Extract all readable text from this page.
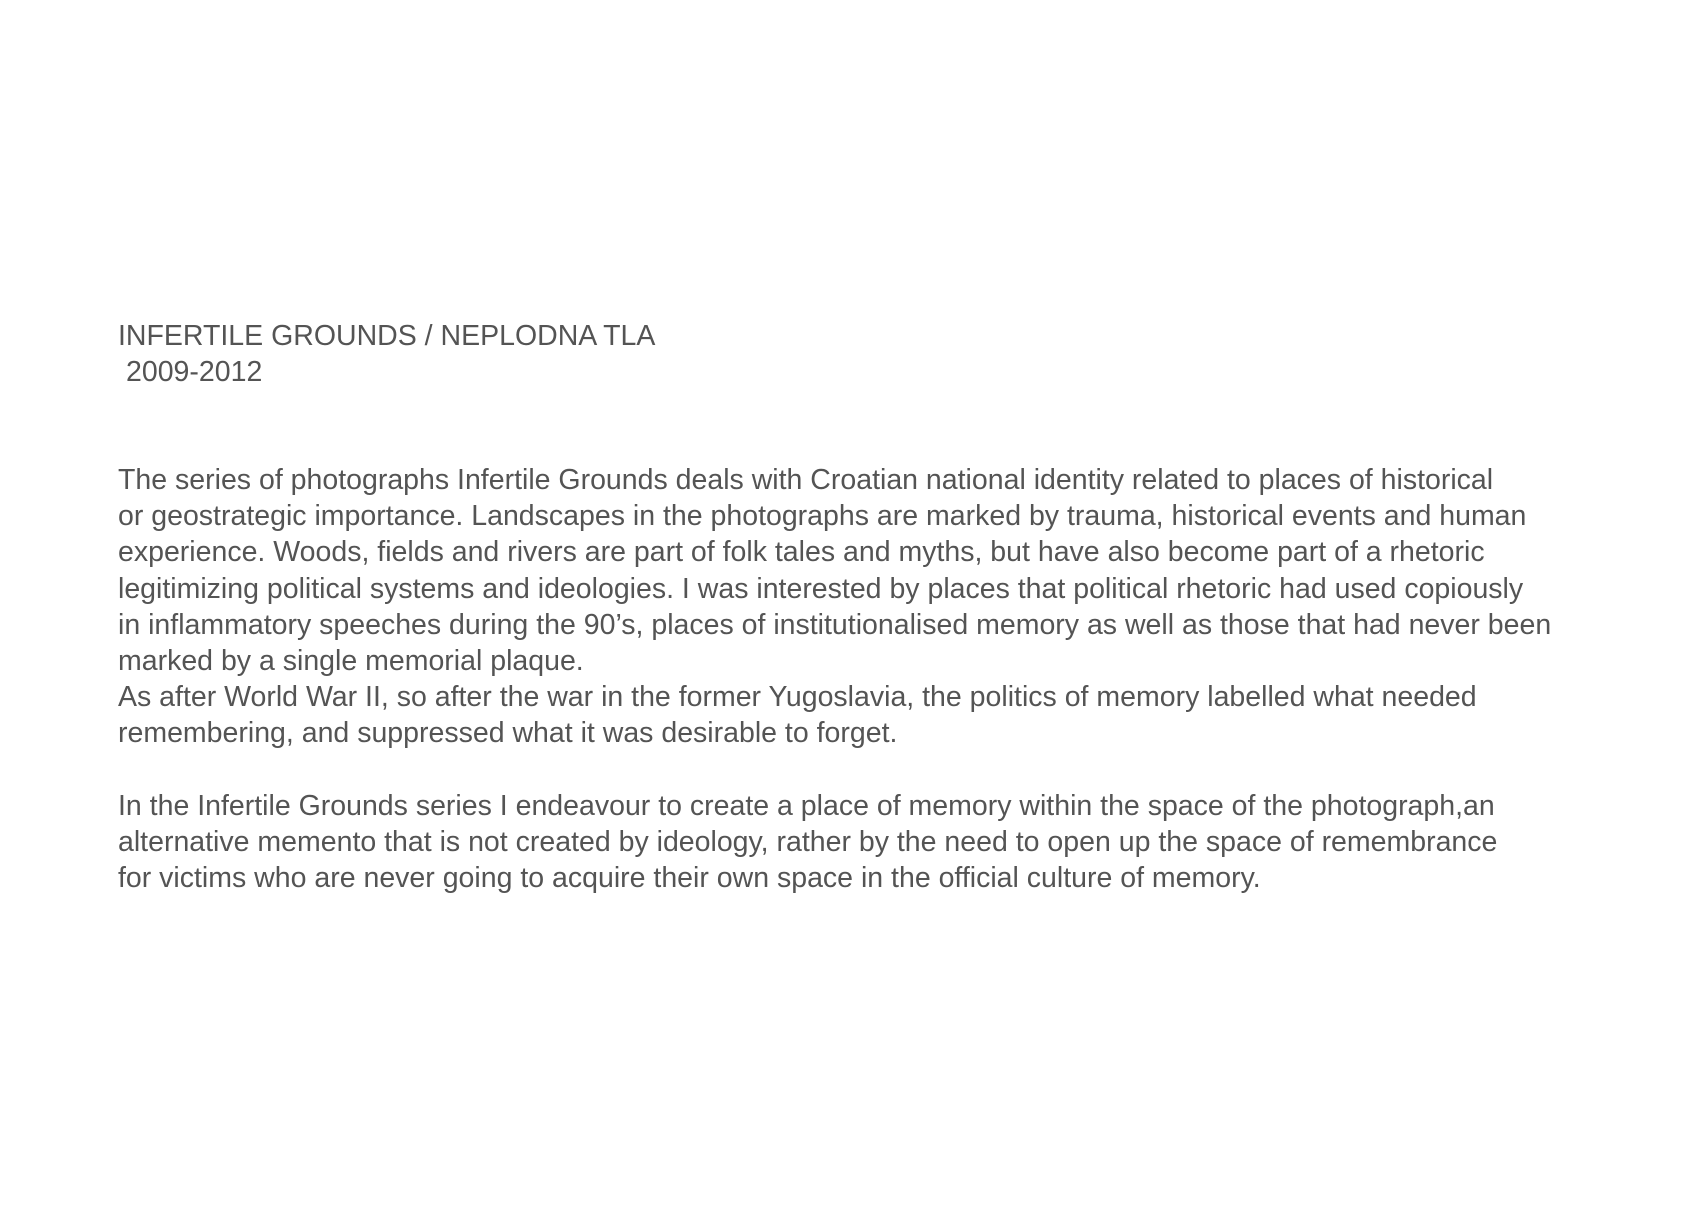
INFERTILE GROUNDS / NEPLODNA TLA
2009-2012
The series of photographs Infertile Grounds deals with Croatian national identity related to places of historical
or geostrategic importance. Landscapes in the photographs are marked by trauma, historical events and human
experience. Woods, fields and rivers are part of folk tales and myths, but have also become part of a rhetoric
legitimizing political systems and ideologies. I was interested by places that political rhetoric had used copiously
in inflammatory speeches during the 90’s, places of institutionalised memory as well as those that had never been
marked by a single memorial plaque.
As after World War II, so after the war in the former Yugoslavia, the politics of memory labelled what needed
remembering, and suppressed what it was desirable to forget.
In the Infertile Grounds series I endeavour to create a place of memory within the space of the photograph,an
alternative memento that is not created by ideology, rather by the need to open up the space of remembrance
for victims who are never going to acquire their own space in the official culture of memory.
